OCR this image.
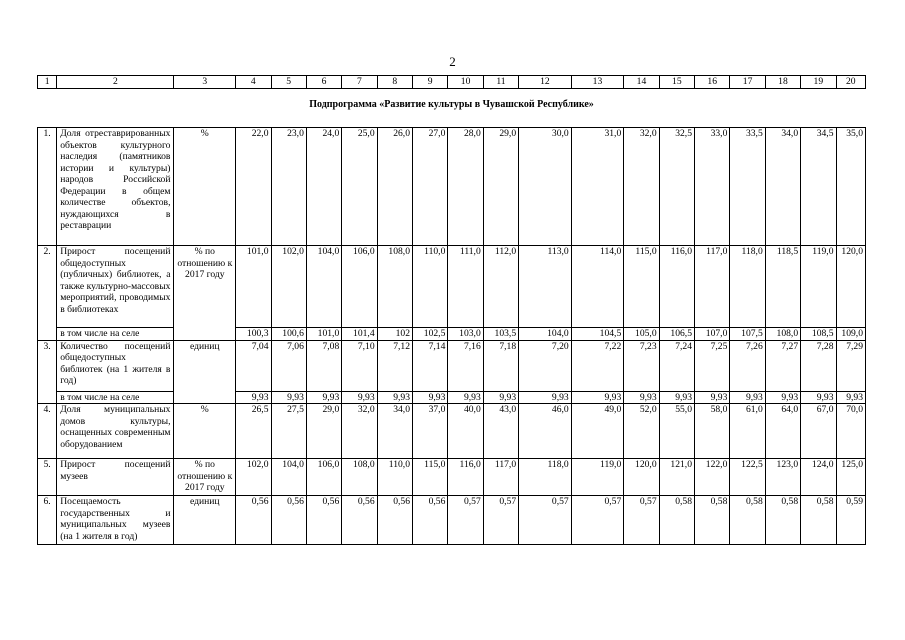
2
1	2	3	4	5	6	7	8	9	10	11	12	13	14	15	16	17	18	19	20
Подпрограмма «Развитие культуры в Чувашской Республике»																			
1.	Доля отреставрированных объектов культурного наследия (памятников истории и культуры) народов Российской Федерации в общем количестве объектов, нуждающихся в реставрации	%	22,0	23,0	24,0	25,0	26,0	27,0	28,0	29,0	30,0	31,0	32,0	32,5	33,0	33,5	34,0	34,5	35,0
2.	Прирост посещений общедоступных (публичных) библиотек, а также культурно-массовых мероприятий, проводимых в библиотеках	% по отношению к 2017 году	101,0	102,0	104,0	106,0	108,0	110,0	111,0	112,0	113,0	114,0	115,0	116,0	117,0	118,0	118,5	119,0	120,0
	в том числе на селе		100,3	100,6	101,0	101,4	102	102,5	103,0	103,5	104,0	104,5	105,0	106,5	107,0	107,5	108,0	108,5	109,0
3.	Количество посещений общедоступных библиотек (на 1 жителя в год)	единиц	7,04	7,06	7,08	7,10	7,12	7,14	7,16	7,18	7,20	7,22	7,23	7,24	7,25	7,26	7,27	7,28	7,29
	в том числе на селе		9,93	9,93	9,93	9,93	9,93	9,93	9,93	9,93	9,93	9,93	9,93	9,93	9,93	9,93	9,93	9,93	9,93
4.	Доля муниципальных домов культуры, оснащенных современным оборудованием	%	26,5	27,5	29,0	32,0	34,0	37,0	40,0	43,0	46,0	49,0	52,0	55,0	58,0	61,0	64,0	67,0	70,0
5.	Прирост посещений музеев	% по отношению к 2017 году	102,0	104,0	106,0	108,0	110,0	115,0	116,0	117,0	118,0	119,0	120,0	121,0	122,0	122,5	123,0	124,0	125,0
6.	Посещаемость государственных и муниципальных музеев (на 1 жителя в год)	единиц	0,56	0,56	0,56	0,56	0,56	0,56	0,57	0,57	0,57	0,57	0,57	0,58	0,58	0,58	0,58	0,58	0,59
